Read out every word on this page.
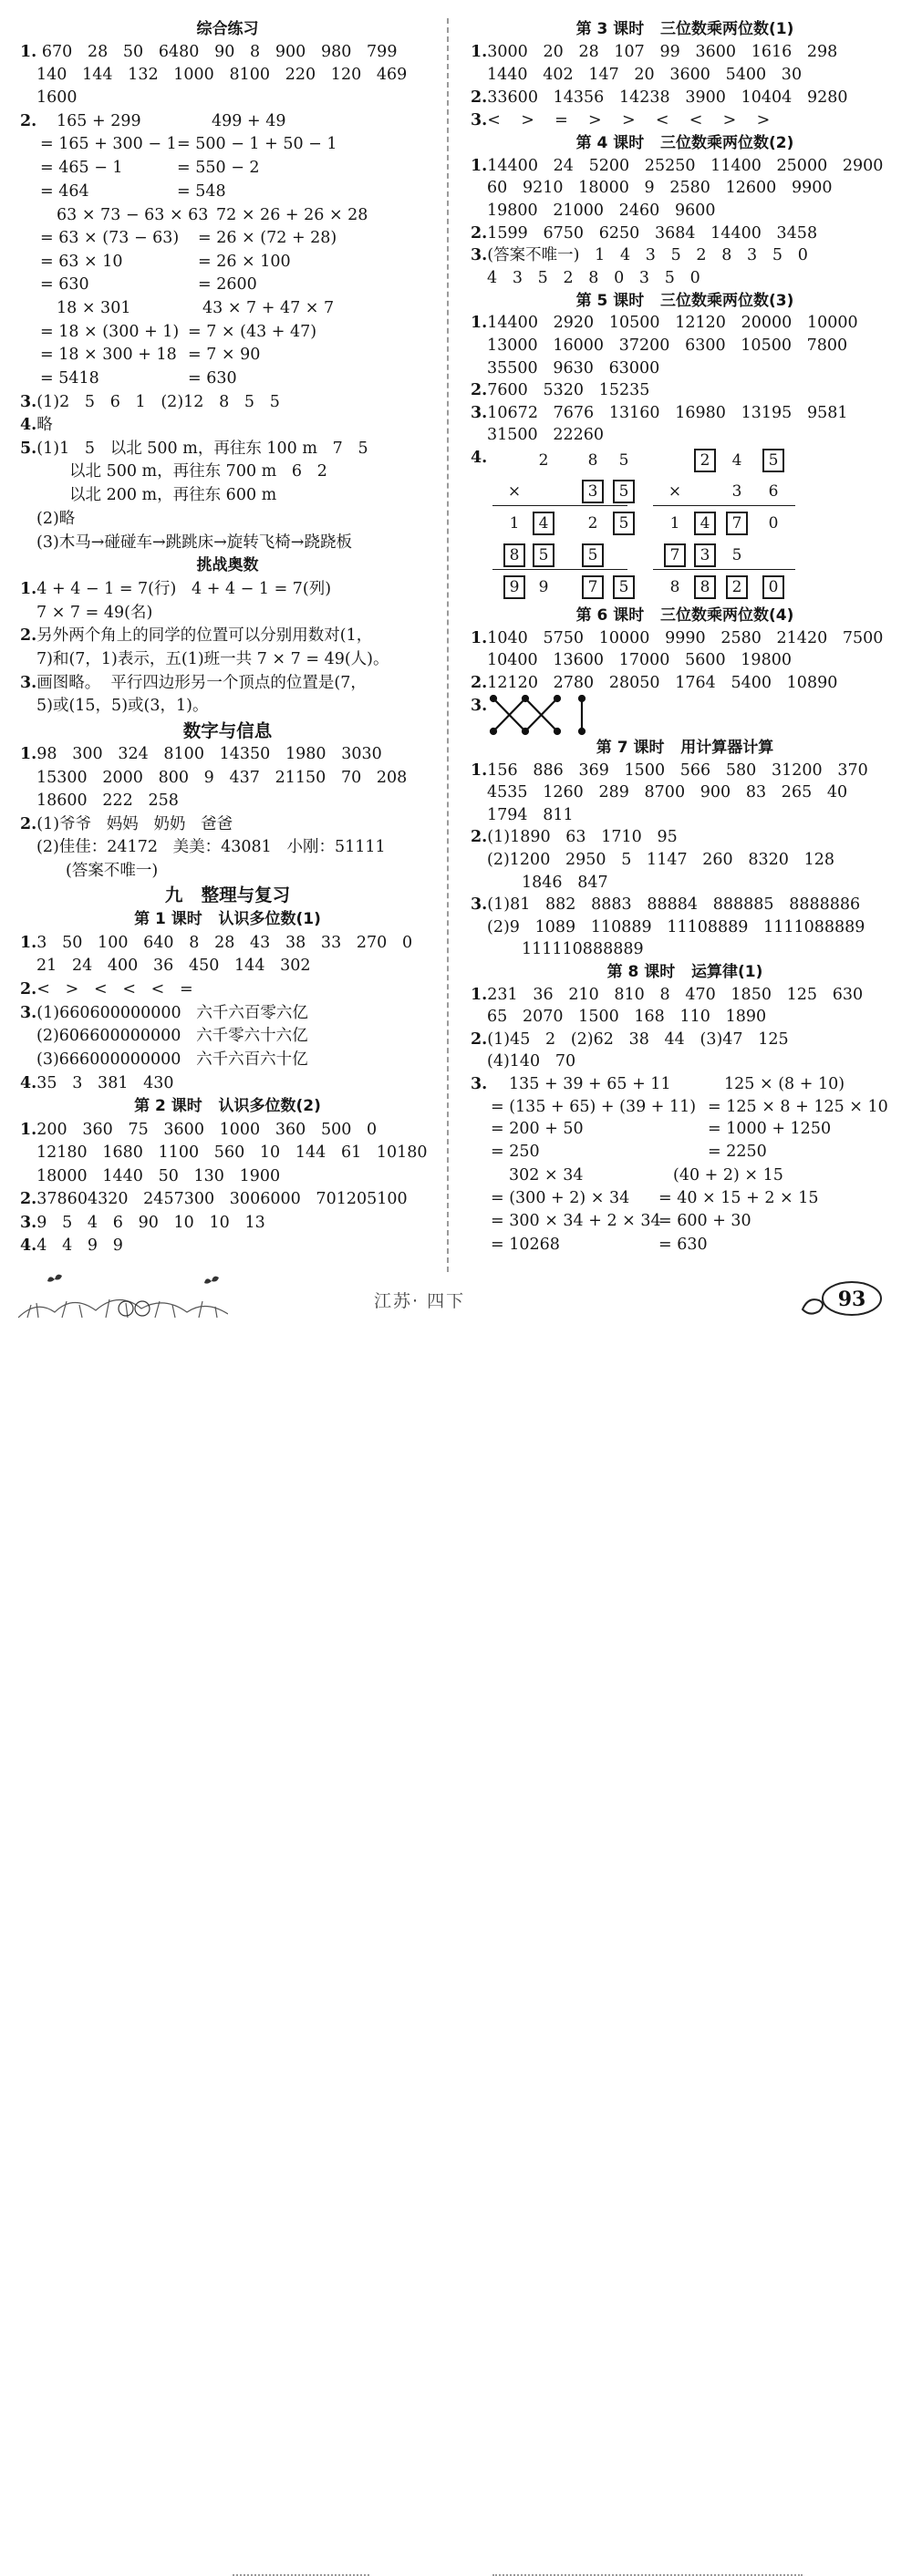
综合练习
1. 670   28   50   6480   90   8   900   980   799
140   144   132   1000   8100   220   120   469
1600
2. 165 + 299
= 165 + 300 − 1
= 465 − 1
= 464
499 + 49
= 500 − 1 + 50 − 1
= 550 − 2
= 548
63 × 73 − 63 × 63
= 63 × (73 − 63)
= 63 × 10
= 630
72 × 26 + 26 × 28
= 26 × (72 + 28)
= 26 × 100
= 2600
18 × 301
= 18 × (300 + 1)
= 18 × 300 + 18
= 5418
43 × 7 + 47 × 7
= 7 × (43 + 47)
= 7 × 90
= 630
3.(1)2   5   6   1   (2)12   8   5   5
4.略
5.(1)1   5   以北 500 m，再往东 100 m   7   5
以北 500 m，再往东 700 m   6   2
以北 200 m，再往东 600 m
(2)略
(3)木马→碰碰车→跳跳床→旋转飞椅→跷跷板
挑战奥数
1.4 + 4 − 1 = 7(行)   4 + 4 − 1 = 7(列)
7 × 7 = 49(名)
2.另外两个角上的同学的位置可以分别用数对(1，
7)和(7，1)表示，五(1)班一共 7 × 7 = 49(人)。
3.画图略。  平行四边形另一个顶点的位置是(7，
5)或(15，5)或(3，1)。
数字与信息
1.98   300   324   8100   14350   1980   3030
15300   2000   800   9   437   21150   70   208
18600   222   258
2.(1)爷爷   妈妈   奶奶   爸爸
(2)佳佳：24172   美美：43081   小刚：51111
(答案不唯一)
九   整理与复习
第 1 课时   认识多位数(1)
1.3   50   100   640   8   28   43   38   33   270   0
21   24   400   36   450   144   302
2.<   >   <   <   <   =
3.(1)660600000000   六千六百零六亿
(2)606600000000   六千零六十六亿
(3)666000000000   六千六百六十亿
4.35   3   381   430
第 2 课时   认识多位数(2)
1.200   360   75   3600   1000   360   500   0
12180   1680   1100   560   10   144   61   10180
18000   1440   50   130   1900
2.378604320   2457300   3006000   701205100
3.9   5   4   6   90   10   10   13
4.4   4   9   9
第 3 课时   三位数乘两位数(1)
1.3000   20   28   107   99   3600   1616   298
1440   402   147   20   3600   5400   30
2.33600   14356   14238   3900   10404   9280
3.<    >    =    >    >    <    <    >    >
第 4 课时   三位数乘两位数(2)
1.14400   24   5200   25250   11400   25000   2900
60   9210   18000   9   2580   12600   9900
19800   21000   2460   9600
2.1599   6750   6250   3684   14400   3458
3.(答案不唯一)   1   4   3   5   2   8   3   5   0
4   3   5   2   8   0   3   5   0
第 5 课时   三位数乘两位数(3)
1.14400   2920   10500   12120   20000   10000
13000   16000   37200   6300   10500   7800
35500   9630   63000
2.7600   5320   15235
3.10672   7676   13160   16980   13195   9581
31500   22260
4.	2	8	5
×	3	5
1	4	2	5
8	5	5
9	9	7	5
2	4	5
×	3	6
1	4	7	0
7	3	5
8	8	2	0
第 6 课时   三位数乘两位数(4)
1.1040   5750   10000   9990   2580   21420   7500
10400   13600   17000   5600   19800
2.12120   2780   28050   1764   5400   10890
3.
第 7 课时   用计算器计算
1.156   886   369   1500   566   580   31200   370
4535   1260   289   8700   900   83   265   40
1794   811
2.(1)1890   63   1710   95
(2)1200   2950   5   1147   260   8320   128
1846   847
3.(1)81   882   8883   88884   888885   8888886
(2)9   1089   110889   11108889   1111088889
111110888889
第 8 课时   运算律(1)
1.231   36   210   810   8   470   1850   125   630
65   2070   1500   168   110   1890
2.(1)45   2   (2)62   38   44   (3)47   125
(4)140   70
3. 135 + 39 + 65 + 11
= (135 + 65) + (39 + 11)
= 200 + 50
= 250
125 × (8 + 10)
= 125 × 8 + 125 × 10
= 1000 + 1250
= 2250
302 × 34
= (300 + 2) × 34
= 300 × 34 + 2 × 34
= 10268
(40 + 2) × 15
= 40 × 15 + 2 × 15
= 600 + 30
= 630
江苏· 四下	93
